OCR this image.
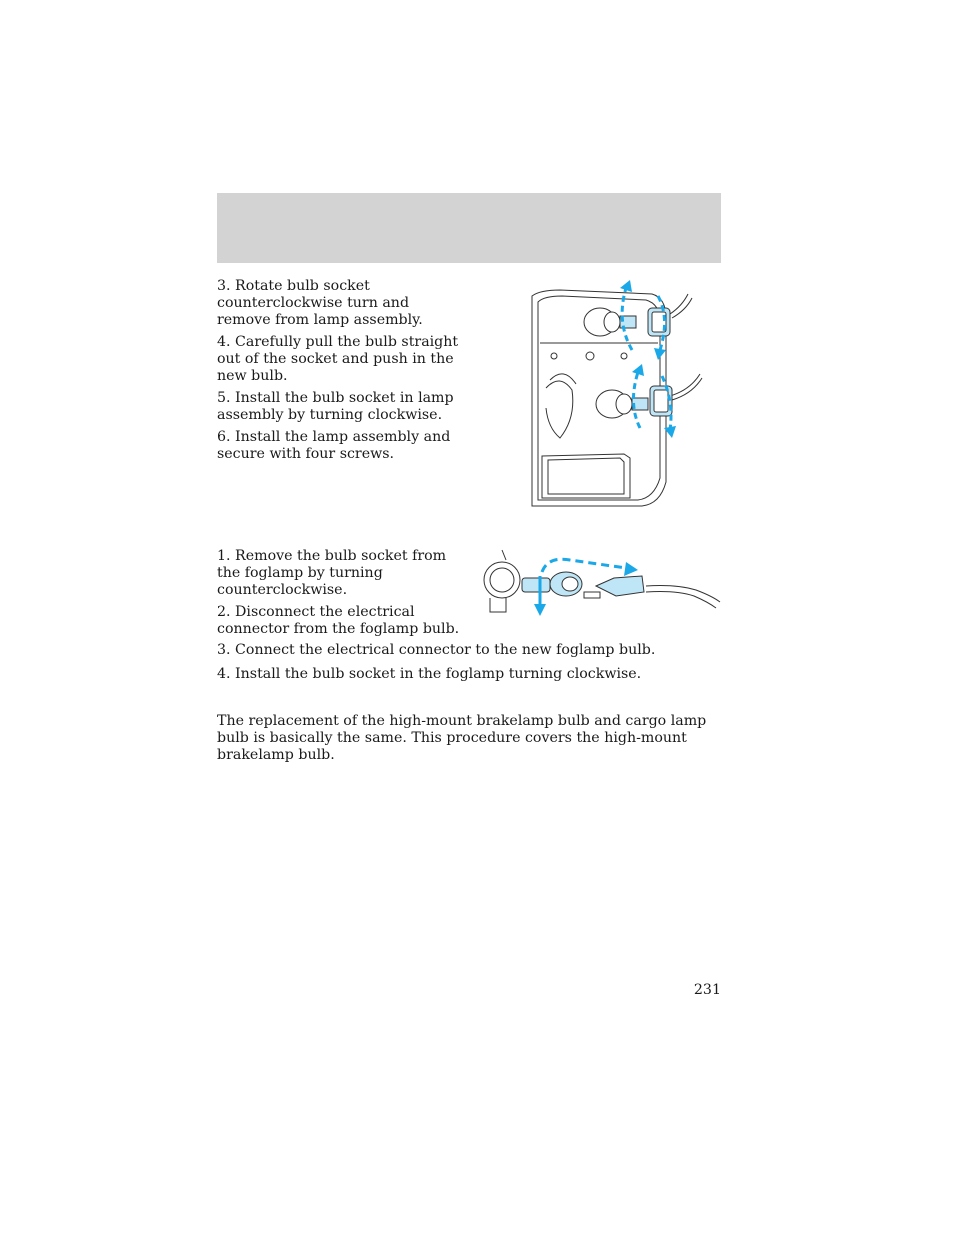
3. Rotate bulb socket counterclockwise turn and remove from lamp assembly.

4. Carefully pull the bulb straight out of the socket and push in the new bulb.

5. Install the bulb socket in lamp assembly by turning clockwise.

6. Install the lamp assembly and secure with four screws.

1. Remove the bulb socket from the foglamp by turning counterclockwise.

2. Disconnect the electrical connector from the foglamp bulb.

3. Connect the electrical connector to the new foglamp bulb.

4. Install the bulb socket in the foglamp turning clockwise.

The replacement of the high-mount brakelamp bulb and cargo lamp bulb is basically the same. This procedure covers the high-mount brakelamp bulb.

231
